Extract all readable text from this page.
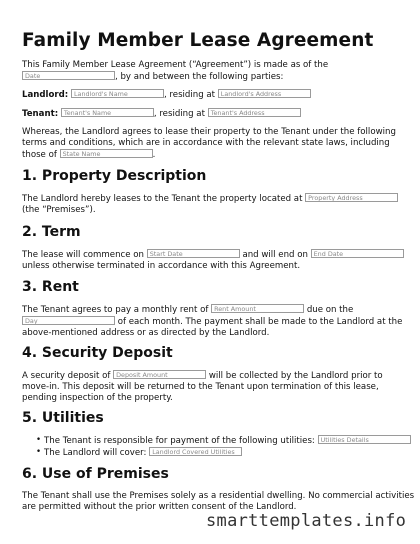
Family Member Lease Agreement
This Family Member Lease Agreement (“Agreement”) is made as of the
Date	, by and between the following parties:
Landlord: Landlord's Name	, residing at Landlord's Address
Tenant: Tenant's Name	, residing at Tenant's Address
Whereas, the Landlord agrees to lease their property to the Tenant under the following
terms and conditions, which are in accordance with the relevant state laws, including
those of State Name	.
1. Property Description
The Landlord hereby leases to the Tenant the property located at Property Address
(the “Premises”).
2. Term
The lease will commence on Start Date	and will end on End Date
unless otherwise terminated in accordance with this Agreement.
3. Rent
The Tenant agrees to pay a monthly rent of Rent Amount	due on the
Day	of each month. The payment shall be made to the Landlord at the
above-mentioned address or as directed by the Landlord.
4. Security Deposit
A security deposit of Deposit Amount	will be collected by the Landlord prior to
move-in. This deposit will be returned to the Tenant upon termination of this lease,
pending inspection of the property.
5. Utilities
• The Tenant is responsible for payment of the following utilities: Utilities Details
• The Landlord will cover: Landlord Covered Utilities
6. Use of Premises
The Tenant shall use the Premises solely as a residential dwelling. No commercial activities
are permitted without the prior written consent of the Landlord.
smarttemplates.info
